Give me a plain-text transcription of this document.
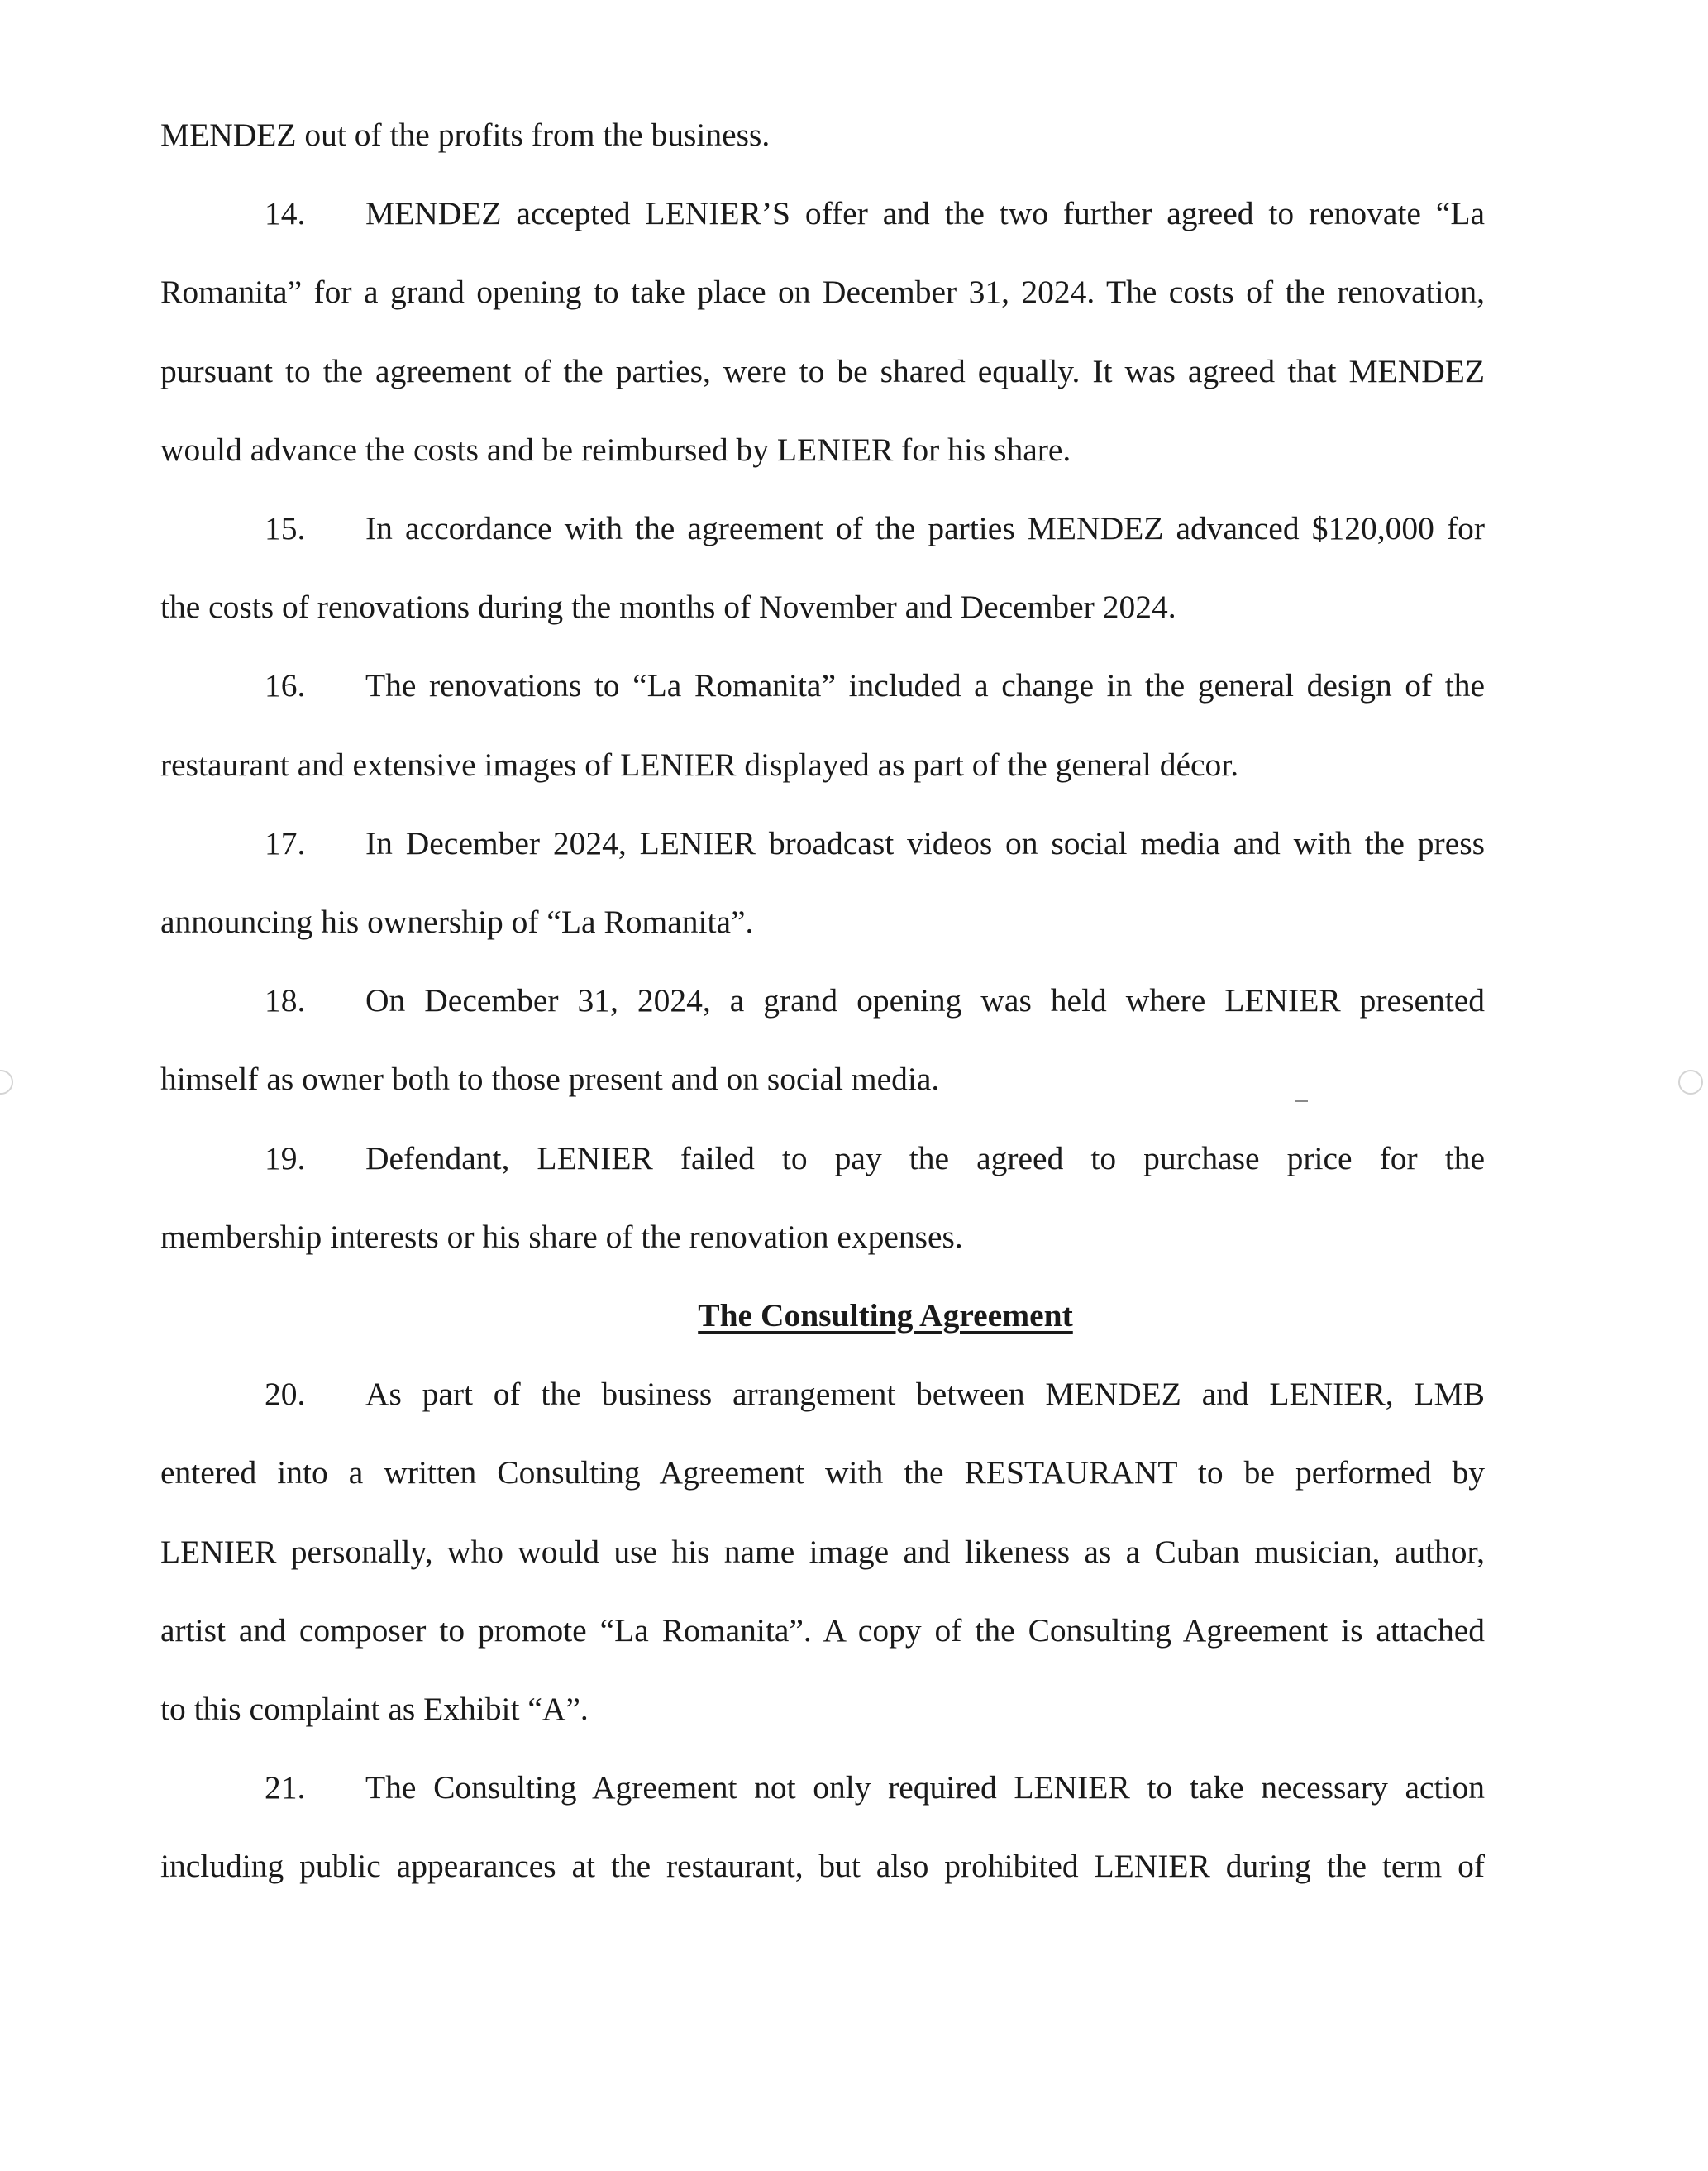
MENDEZ out of the profits from the business.
14.	MENDEZ accepted LENIER’S offer and the two further agreed to renovate “La
Romanita” for a grand opening to take place on December 31, 2024. The costs of the renovation,
pursuant to the agreement of the parties, were to be shared equally. It was agreed that MENDEZ
would advance the costs and be reimbursed by LENIER for his share.
15.	In accordance with the agreement of the parties MENDEZ advanced $120,000 for
the costs of renovations during the months of November and December 2024.
16.	The renovations to “La Romanita” included a change in the general design of the
restaurant and extensive images of LENIER displayed as part of the general décor.
17.	In December 2024, LENIER broadcast videos on social media and with the press
announcing his ownership of “La Romanita”.
18.	On December 31, 2024, a grand opening was held where LENIER presented
himself as owner both to those present and on social media.
19.	Defendant, LENIER failed to pay the agreed to purchase price for the
membership interests or his share of the renovation expenses.
The Consulting Agreement
20.	As part of the business arrangement between MENDEZ and LENIER, LMB
entered into a written Consulting Agreement with the RESTAURANT to be performed by
LENIER personally, who would use his name image and likeness as a Cuban musician, author,
artist and composer to promote “La Romanita”. A copy of the Consulting Agreement is attached
to this complaint as Exhibit “A”.
21.	The Consulting Agreement not only required LENIER to take necessary action
including public appearances at the restaurant, but also prohibited LENIER during the term of
